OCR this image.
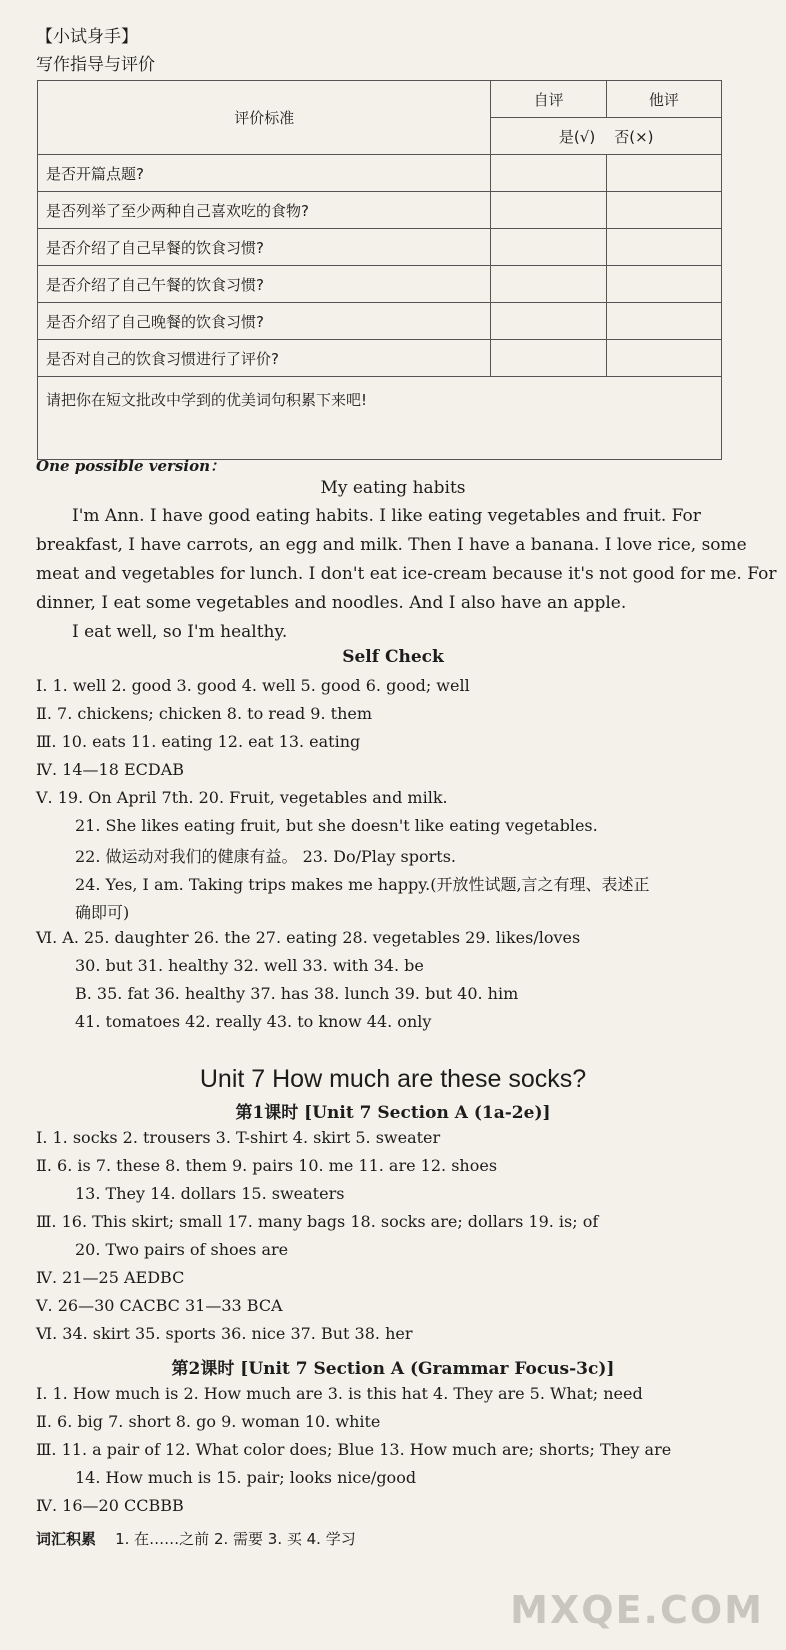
【小试身手】
写作指导与评价
评价标准	自评	他评
	是(√) 否(×)	
是否开篇点题?		
是否列举了至少两种自己喜欢吃的食物?		
是否介绍了自己早餐的饮食习惯?		
是否介绍了自己午餐的饮食习惯?		
是否介绍了自己晚餐的饮食习惯?		
是否对自己的饮食习惯进行了评价?		
请把你在短文批改中学到的优美词句积累下来吧!		
One possible version：
My eating habits
I'm Ann. I have good eating habits. I like eating vegetables and fruit. For
breakfast, I have carrots, an egg and milk. Then I have a banana. I love rice, some
meat and vegetables for lunch. I don't eat ice-cream because it's not good for me. For
dinner, I eat some vegetables and noodles. And I also have an apple.
I eat well, so I'm healthy.
Self Check
Ⅰ. 1. well 2. good 3. good 4. well 5. good 6. good; well
Ⅱ. 7. chickens; chicken 8. to read 9. them
Ⅲ. 10. eats 11. eating 12. eat 13. eating
Ⅳ. 14—18 ECDAB
Ⅴ. 19. On April 7th. 20. Fruit, vegetables and milk.
21. She likes eating fruit, but she doesn't like eating vegetables.
22. 做运动对我们的健康有益。 23. Do/Play sports.
24. Yes, I am. Taking trips makes me happy.(开放性试题,言之有理、表述正
确即可)
Ⅵ. A. 25. daughter 26. the 27. eating 28. vegetables 29. likes/loves
30. but 31. healthy 32. well 33. with 34. be
B. 35. fat 36. healthy 37. has 38. lunch 39. but 40. him
41. tomatoes 42. really 43. to know 44. only
Unit 7 How much are these socks?
第1课时 [Unit 7 Section A (1a-2e)]
Ⅰ. 1. socks 2. trousers 3. T-shirt 4. skirt 5. sweater
Ⅱ. 6. is 7. these 8. them 9. pairs 10. me 11. are 12. shoes
13. They 14. dollars 15. sweaters
Ⅲ. 16. This skirt; small 17. many bags 18. socks are; dollars 19. is; of
20. Two pairs of shoes are
Ⅳ. 21—25 AEDBC
Ⅴ. 26—30 CACBC 31—33 BCA
Ⅵ. 34. skirt 35. sports 36. nice 37. But 38. her
第2课时 [Unit 7 Section A (Grammar Focus-3c)]
Ⅰ. 1. How much is 2. How much are 3. is this hat 4. They are 5. What; need
Ⅱ. 6. big 7. short 8. go 9. woman 10. white
Ⅲ. 11. a pair of 12. What color does; Blue 13. How much are; shorts; They are
14. How much is 15. pair; looks nice/good
Ⅳ. 16—20 CCBBB
词汇积累 1. 在……之前 2. 需要 3. 买 4. 学习
MXQE.COM
